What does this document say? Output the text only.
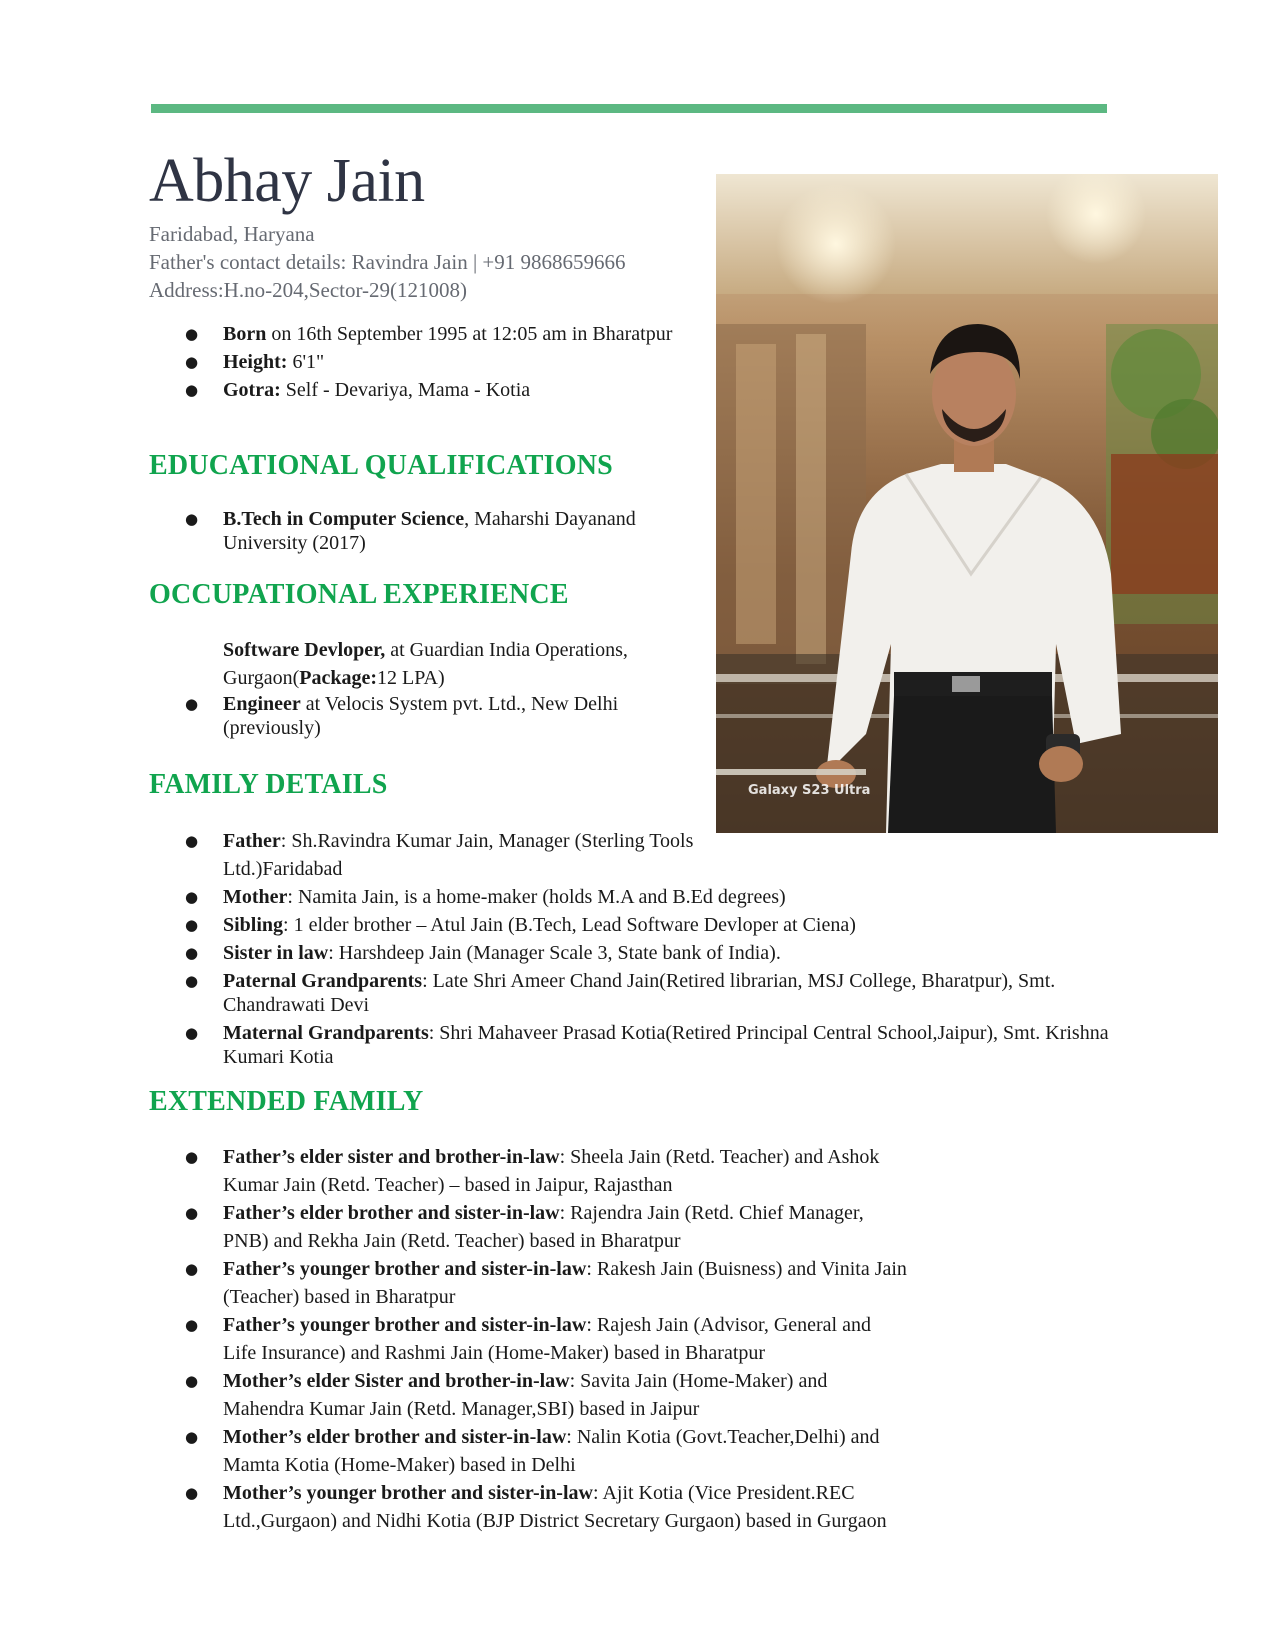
Abhay Jain
Faridabad, Haryana
Father's contact details: Ravindra Jain | +91 9868659666
Address:H.no-204,Sector-29(121008)
Galaxy S23 Ultra
● Born on 16th September 1995 at 12:05 am in Bharatpur
● Height: 6'1"
● Gotra: Self - Devariya, Mama - Kotia
EDUCATIONAL QUALIFICATIONS
● B.Tech in Computer Science, Maharshi Dayanand University (2017)
OCCUPATIONAL EXPERIENCE
Software Devloper, at Guardian India Operations, Gurgaon(Package:12 LPA)
● Engineer at Velocis System pvt. Ltd., New Delhi (previously)
FAMILY DETAILS
● Father: Sh.Ravindra Kumar Jain, Manager (Sterling Tools Ltd.)Faridabad
● Mother: Namita Jain, is a home-maker (holds M.A and B.Ed degrees)
● Sibling: 1 elder brother – Atul Jain (B.Tech, Lead Software Devloper at Ciena)
● Sister in law: Harshdeep Jain (Manager Scale 3, State bank of India).
● Paternal Grandparents: Late Shri Ameer Chand Jain(Retired librarian, MSJ College, Bharatpur), Smt. Chandrawati Devi
● Maternal Grandparents: Shri Mahaveer Prasad Kotia(Retired Principal Central School,Jaipur), Smt. Krishna Kumari Kotia
EXTENDED FAMILY
● Father’s elder sister and brother-in-law: Sheela Jain (Retd. Teacher) and Ashok Kumar Jain (Retd. Teacher) – based in Jaipur, Rajasthan
● Father’s elder brother and sister-in-law: Rajendra Jain (Retd. Chief Manager, PNB) and Rekha Jain (Retd. Teacher) based in Bharatpur
● Father’s younger brother and sister-in-law: Rakesh Jain (Buisness) and Vinita Jain (Teacher) based in Bharatpur
● Father’s younger brother and sister-in-law: Rajesh Jain (Advisor, General and Life Insurance) and Rashmi Jain (Home-Maker) based in Bharatpur
● Mother’s elder Sister and brother-in-law: Savita Jain (Home-Maker) and Mahendra Kumar Jain (Retd. Manager,SBI) based in Jaipur
● Mother’s elder brother and sister-in-law: Nalin Kotia (Govt.Teacher,Delhi) and Mamta Kotia (Home-Maker) based in Delhi
● Mother’s younger brother and sister-in-law: Ajit Kotia (Vice President.REC Ltd.,Gurgaon) and Nidhi Kotia (BJP District Secretary Gurgaon) based in Gurgaon
